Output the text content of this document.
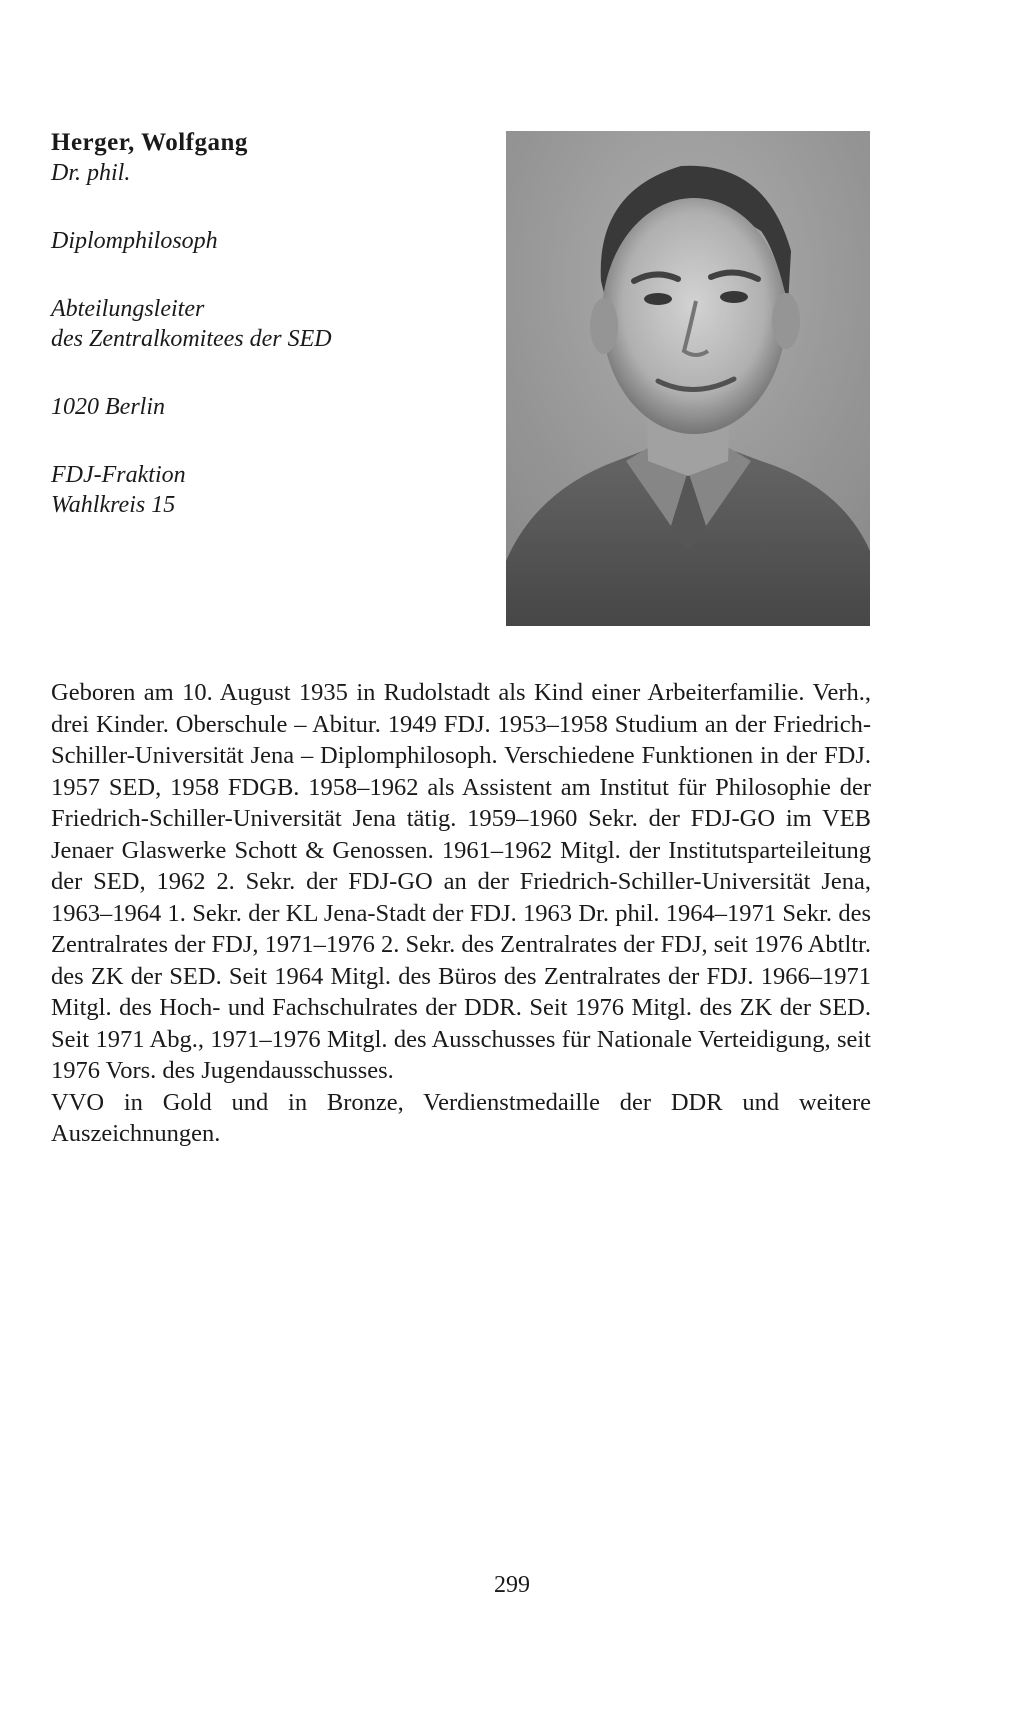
Herger, Wolfgang

Dr. phil.

Diplomphilosoph

Abteilungsleiter

des Zentralkomitees der SED

1020 Berlin

FDJ-Fraktion

Wahlkreis 15

Geboren am 10. August 1935 in Rudolstadt als Kind einer Arbeiterfamilie. Verh., drei Kinder. Oberschule – Abitur. 1949 FDJ. 1953–1958 Studium an der Friedrich-Schiller-Universität Jena – Diplomphilosoph. Verschiedene Funktionen in der FDJ. 1957 SED, 1958 FDGB. 1958–1962 als Assistent am Institut für Philosophie der Friedrich-Schiller-Universität Jena tätig. 1959–1960 Sekr. der FDJ-GO im VEB Jenaer Glaswerke Schott & Genossen. 1961–1962 Mitgl. der Institutsparteileitung der SED, 1962 2. Sekr. der FDJ-GO an der Friedrich-Schiller-Universität Jena, 1963–1964 1. Sekr. der KL Jena-Stadt der FDJ. 1963 Dr. phil. 1964–1971 Sekr. des Zentralrates der FDJ, 1971–1976 2. Sekr. des Zentralrates der FDJ, seit 1976 Abtltr. des ZK der SED. Seit 1964 Mitgl. des Büros des Zentralrates der FDJ. 1966–1971 Mitgl. des Hoch- und Fachschulrates der DDR. Seit 1976 Mitgl. des ZK der SED. Seit 1971 Abg., 1971–1976 Mitgl. des Ausschusses für Nationale Verteidigung, seit 1976 Vors. des Jugendausschusses.

VVO in Gold und in Bronze, Verdienstmedaille der DDR und weitere Auszeichnungen.

299
